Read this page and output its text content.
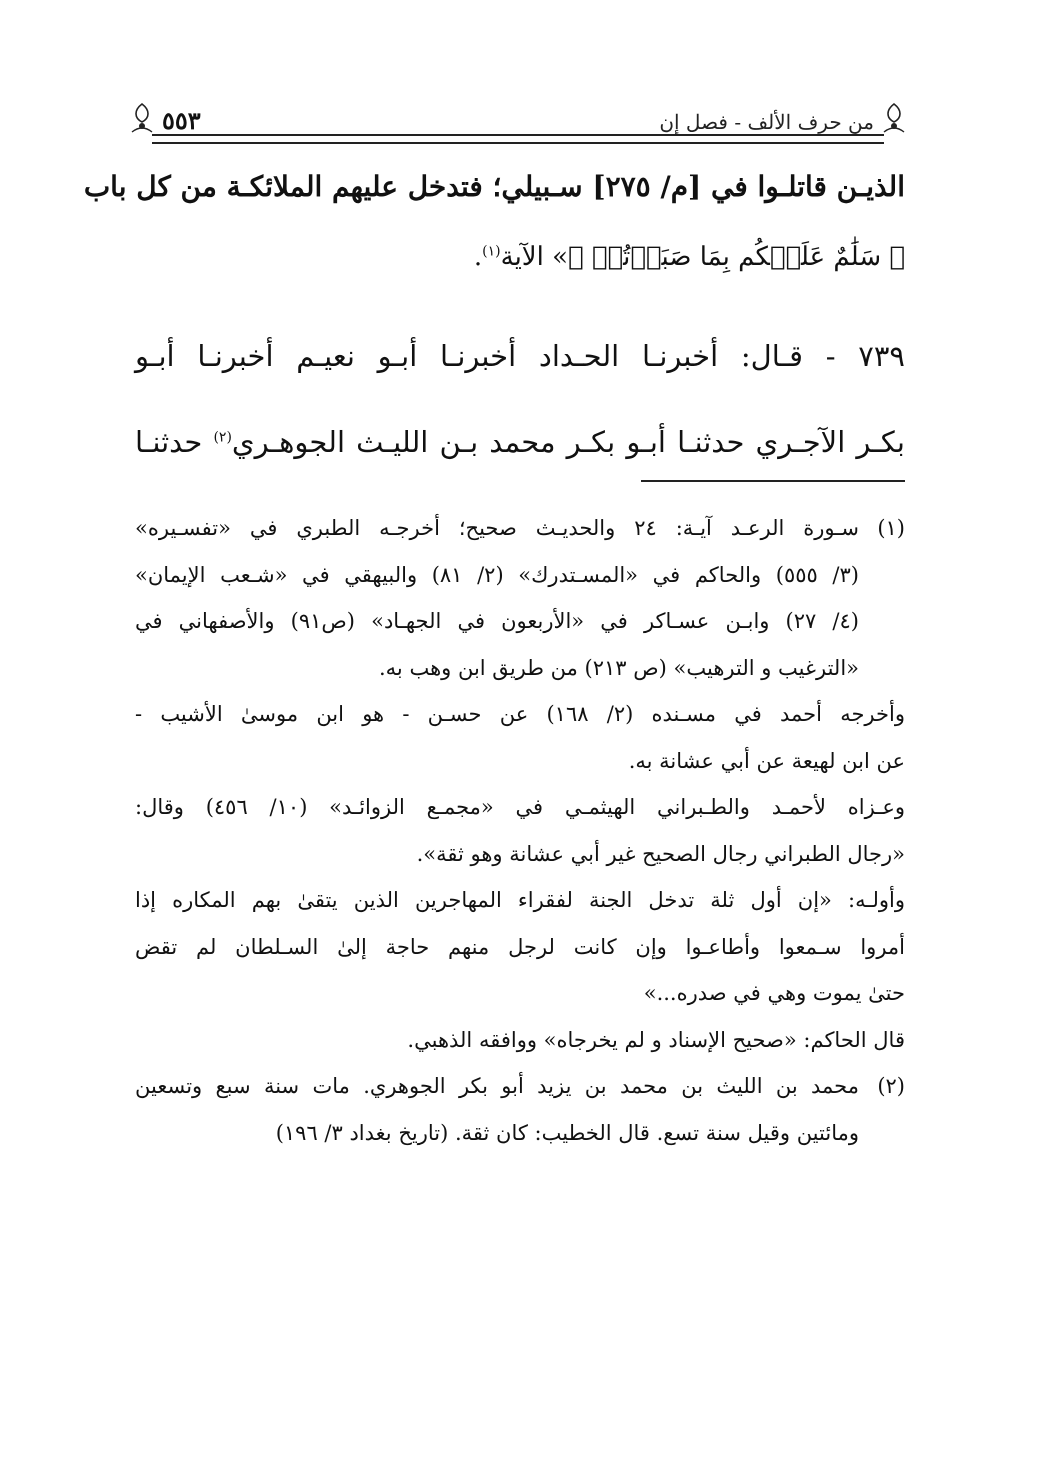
من حرف الألف - فصل إن
٥٥٣
الذيـن قاتلـوا في [م/ ٢٧٥] سـبيلي؛ فتدخل عليهم الملائكـة من كل باب
﴿ سَلَٰمٌ عَلَيۡكُم بِمَا صَبَرۡتُمۡ ﴾» الآية$^{(١)}$.
٧٣٩ - قـال: أخبرنـا الحـداد أخبرنـا أبـو نعيـم أخبرنـا أبـو
بكـر الآجـري حدثنـا أبـو بكـر محمد بـن الليـث الجوهـري$^{(٢)}$ حدثنـا
(١)سـورة الرعـد آيـة: ٢٤ والحديـث صحيح؛ أخرجـه الطبري في «تفسـيره»
(٣/ ٥٥٥) والحاكم في «المسـتدرك» (٢/ ٨١) والبيهقي في «شـعب الإيمان»
(٤/ ٢٧) وابـن عسـاكر في «الأربعون في الجهـاد» (ص٩١) والأصفهاني في
«الترغيب و الترهيب» (ص ٢١٣) من طريق ابن وهب به.
وأخرجه أحمد في مسـنده (٢/ ١٦٨) عن حسـن - هو ابن موسىٰ الأشيب -
عن ابن لهيعة عن أبي عشانة به.
وعـزاه لأحمـد والطـبراني الهيثمـي في «مجمـع الزوائـد» (١٠/ ٤٥٦) وقال:
«رجال الطبراني رجال الصحيح غير أبي عشانة وهو ثقة».
وأولـه: «إن أول ثلة تدخل الجنة لفقراء المهاجرين الذين يتقىٰ بهم المكاره إذا
أمروا سـمعوا وأطاعـوا وإن كانت لرجل منهم حاجة إلىٰ السـلطان لم تقض
حتىٰ يموت وهي في صدره...»
قال الحاكم: «صحيح الإسناد و لم يخرجاه» ووافقه الذهبي.
(٢)محمد بن الليث بن محمد بن يزيد أبو بكر الجوهري. مات سنة سبع وتسعين
ومائتين وقيل سنة تسع. قال الخطيب: كان ثقة. (تاريخ بغداد ٣/ ١٩٦)
